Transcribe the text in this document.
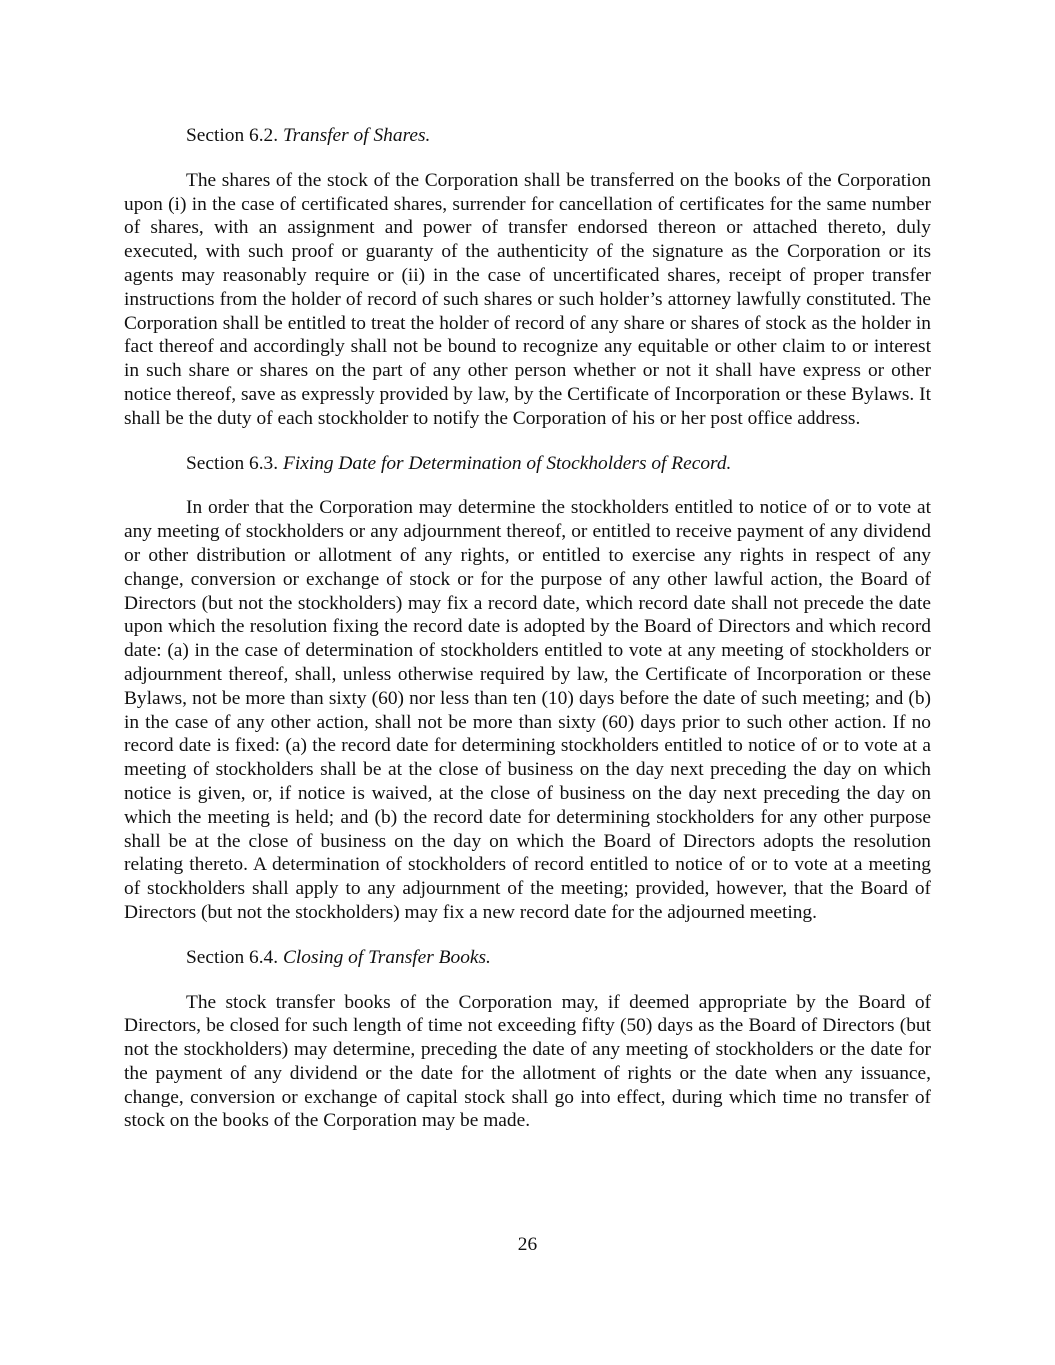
Section 6.2. Transfer of Shares.

The shares of the stock of the Corporation shall be transferred on the books of the Corporation upon (i) in the case of certificated shares, surrender for cancellation of certificates for the same number of shares, with an assignment and power of transfer endorsed thereon or attached thereto, duly executed, with such proof or guaranty of the authenticity of the signature as the Corporation or its agents may reasonably require or (ii) in the case of uncertificated shares, receipt of proper transfer instructions from the holder of record of such shares or such holder’s attorney lawfully constituted. The Corporation shall be entitled to treat the holder of record of any share or shares of stock as the holder in fact thereof and accordingly shall not be bound to recognize any equitable or other claim to or interest in such share or shares on the part of any other person whether or not it shall have express or other notice thereof, save as expressly provided by law, by the Certificate of Incorporation or these Bylaws. It shall be the duty of each stockholder to notify the Corporation of his or her post office address.

Section 6.3. Fixing Date for Determination of Stockholders of Record.

In order that the Corporation may determine the stockholders entitled to notice of or to vote at any meeting of stockholders or any adjournment thereof, or entitled to receive payment of any dividend or other distribution or allotment of any rights, or entitled to exercise any rights in respect of any change, conversion or exchange of stock or for the purpose of any other lawful action, the Board of Directors (but not the stockholders) may fix a record date, which record date shall not precede the date upon which the resolution fixing the record date is adopted by the Board of Directors and which record date: (a) in the case of determination of stockholders entitled to vote at any meeting of stockholders or adjournment thereof, shall, unless otherwise required by law, the Certificate of Incorporation or these Bylaws, not be more than sixty (60) nor less than ten (10) days before the date of such meeting; and (b) in the case of any other action, shall not be more than sixty (60) days prior to such other action. If no record date is fixed: (a) the record date for determining stockholders entitled to notice of or to vote at a meeting of stockholders shall be at the close of business on the day next preceding the day on which notice is given, or, if notice is waived, at the close of business on the day next preceding the day on which the meeting is held; and (b) the record date for determining stockholders for any other purpose shall be at the close of business on the day on which the Board of Directors adopts the resolution relating thereto. A determination of stockholders of record entitled to notice of or to vote at a meeting of stockholders shall apply to any adjournment of the meeting; provided, however, that the Board of Directors (but not the stockholders) may fix a new record date for the adjourned meeting.

Section 6.4. Closing of Transfer Books.

The stock transfer books of the Corporation may, if deemed appropriate by the Board of Directors, be closed for such length of time not exceeding fifty (50) days as the Board of Directors (but not the stockholders) may determine, preceding the date of any meeting of stockholders or the date for the payment of any dividend or the date for the allotment of rights or the date when any issuance, change, conversion or exchange of capital stock shall go into effect, during which time no transfer of stock on the books of the Corporation may be made.

26
